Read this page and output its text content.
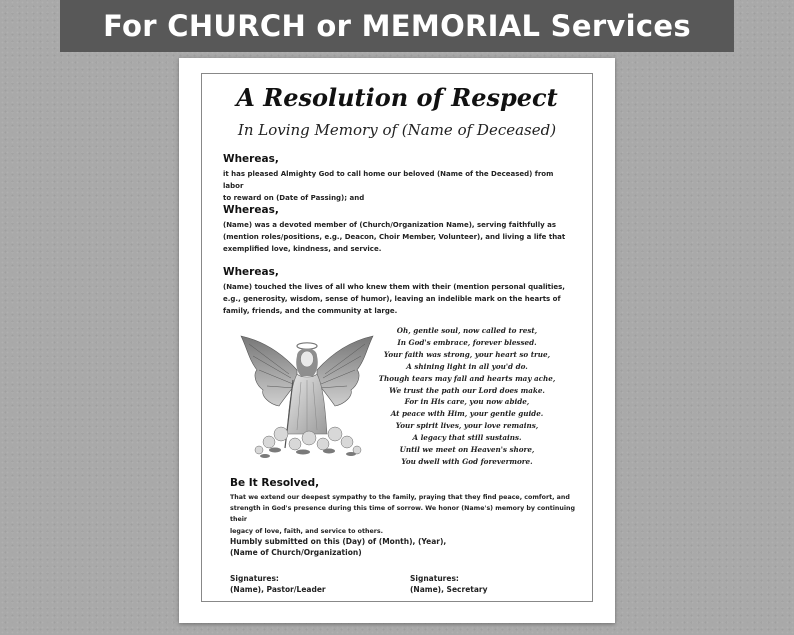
For CHURCH or MEMORIAL Services
A Resolution of Respect
In Loving Memory of (Name of Deceased)
Whereas,

it has pleased Almighty God to call home our beloved (Name of the Deceased) from labor
to reward on (Date of Passing); and

Whereas,

(Name) was a devoted member of (Church/Organization Name), serving faithfully as
(mention roles/positions, e.g., Deacon, Choir Member, Volunteer), and living a life that
exemplified love, kindness, and service.

Whereas,

(Name) touched the lives of all who knew them with their (mention personal qualities,
e.g., generosity, wisdom, sense of humor), leaving an indelible mark on the hearts of
family, friends, and the community at large.

Oh, gentle soul, now called to rest,
In God's embrace, forever blessed.
Your faith was strong, your heart so true,
A shining light in all you'd do.
Though tears may fall and hearts may ache,
We trust the path our Lord does make.
For in His care, you now abide,
At peace with Him, your gentle guide.
Your spirit lives, your love remains,
A legacy that still sustains.
Until we meet on Heaven's shore,
You dwell with God forevermore.
Be It Resolved,

That we extend our deepest sympathy to the family, praying that they find peace, comfort, and
strength in God's presence during this time of sorrow. We honor (Name's) memory by continuing their
legacy of love, faith, and service to others.

Humbly submitted on this (Day) of (Month), (Year),
(Name of Church/Organization)
Signatures:
(Name), Pastor/Leader
Signatures:
(Name), Secretary
